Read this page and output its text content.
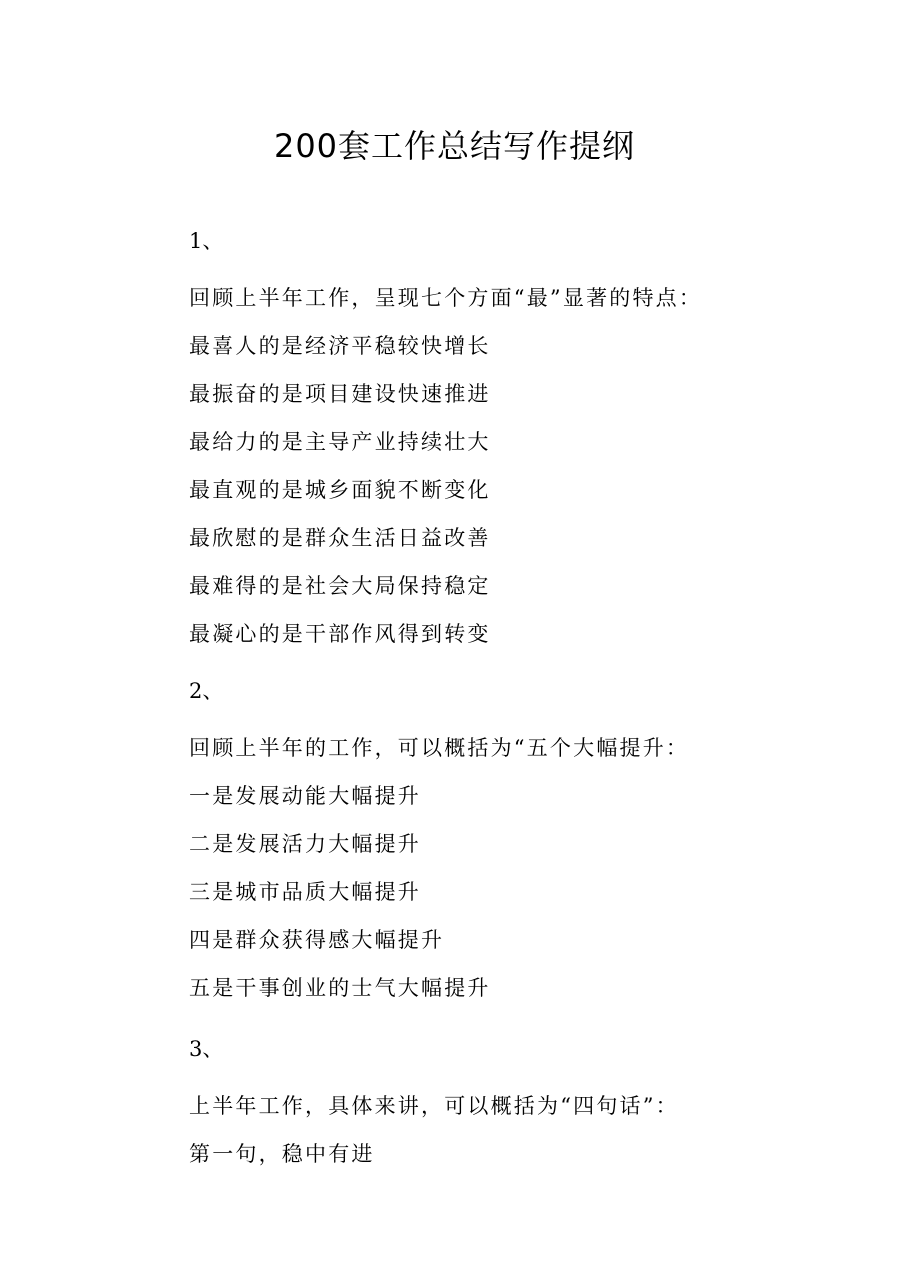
200套工作总结写作提纲
1、
回顾上半年工作，呈现七个方面“最”显著的特点：
最喜人的是经济平稳较快增长
最振奋的是项目建设快速推进
最给力的是主导产业持续壮大
最直观的是城乡面貌不断变化
最欣慰的是群众生活日益改善
最难得的是社会大局保持稳定
最凝心的是干部作风得到转变
2、
回顾上半年的工作，可以概括为“五个大幅提升：
一是发展动能大幅提升
二是发展活力大幅提升
三是城市品质大幅提升
四是群众获得感大幅提升
五是干事创业的士气大幅提升
3、
上半年工作，具体来讲，可以概括为“四句话”：
第一句，稳中有进
